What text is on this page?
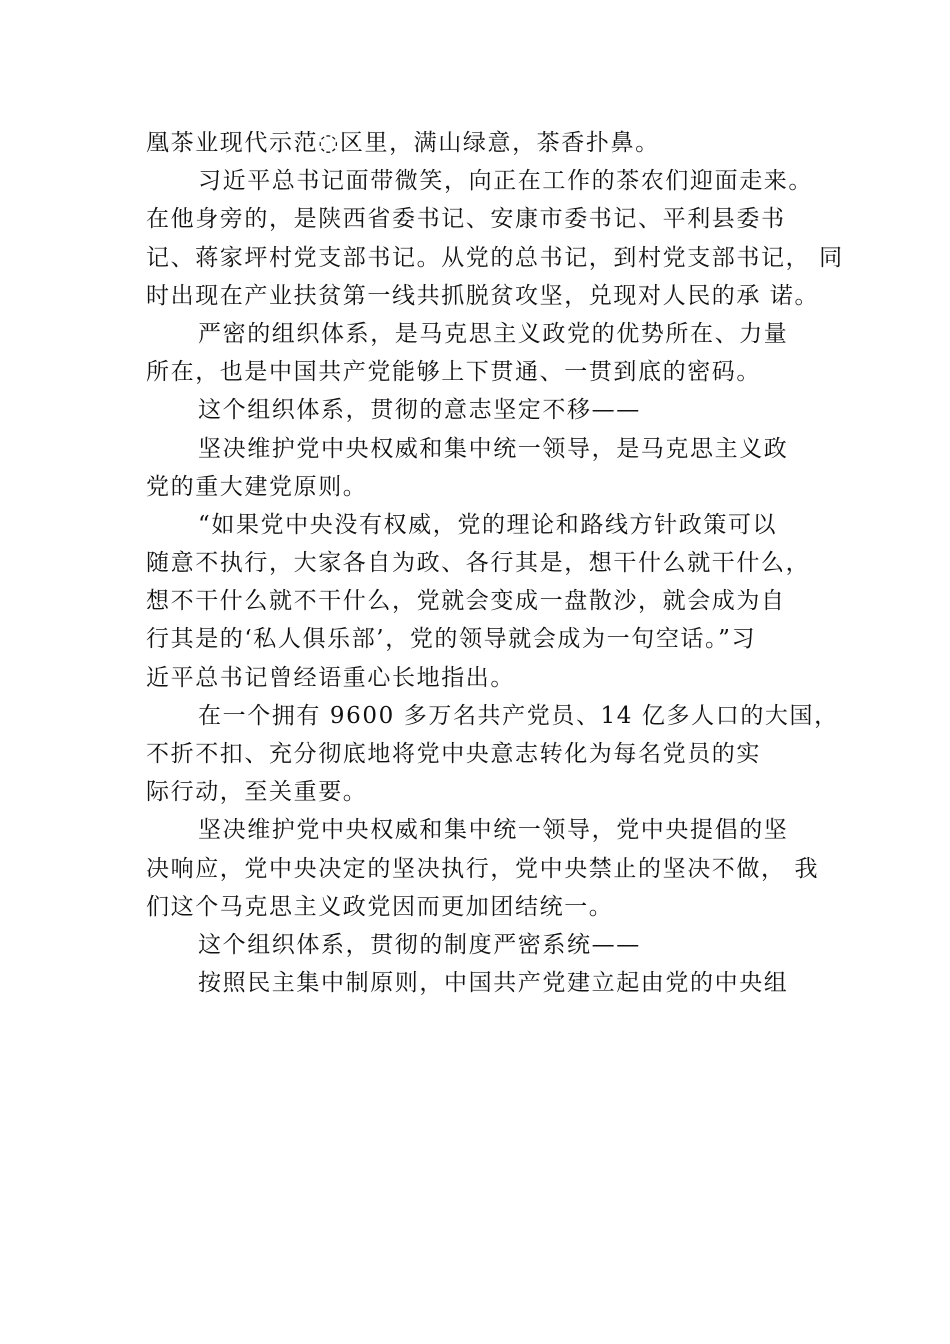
凰茶业现代示范◌区里，满山绿意，茶香扑鼻。
习近平总书记面带微笑，向正在工作的茶农们迎面走来。
在他身旁的，是陕西省委书记、安康市委书记、平利县委书
记、蒋家坪村党支部书记。从党的总书记，到村党支部书记， 同
时出现在产业扶贫第一线共抓脱贫攻坚，兑现对人民的承 诺。
严密的组织体系，是马克思主义政党的优势所在、力量
所在，也是中国共产党能够上下贯通、一贯到底的密码。
这个组织体系，贯彻的意志坚定不移——
坚决维护党中央权威和集中统一领导，是马克思主义政
党的重大建党原则。
“如果党中央没有权威，党的理论和路线方针政策可以
随意不执行，大家各自为政、各行其是，想干什么就干什么，
想不干什么就不干什么，党就会变成一盘散沙，就会成为自
行其是的‘私人俱乐部’，党的领导就会成为一句空话。”习
近平总书记曾经语重心长地指出。
在一个拥有 9600 多万名共产党员、14 亿多人口的大国，
不折不扣、充分彻底地将党中央意志转化为每名党员的实
际行动，至关重要。
坚决维护党中央权威和集中统一领导，党中央提倡的坚
决响应，党中央决定的坚决执行，党中央禁止的坚决不做， 我
们这个马克思主义政党因而更加团结统一。
这个组织体系，贯彻的制度严密系统——
按照民主集中制原则，中国共产党建立起由党的中央组
